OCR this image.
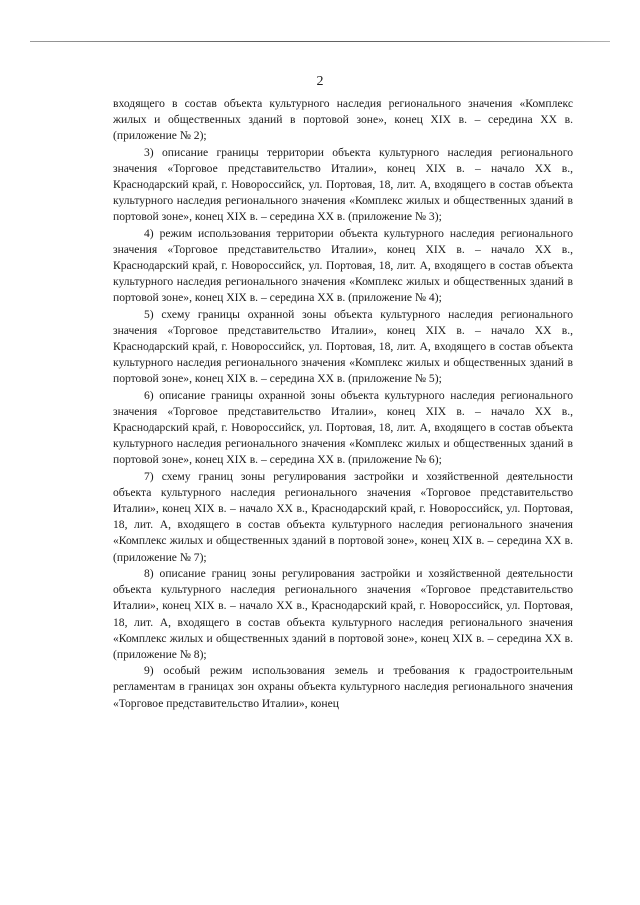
2

входящего в состав объекта культурного наследия регионального значения «Комплекс жилых и общественных зданий в портовой зоне», конец XIX в. – середина XX в. (приложение № 2);

3) описание границы территории объекта культурного наследия регионального значения «Торговое представительство Италии», конец XIX в. – начало XX в., Краснодарский край, г. Новороссийск, ул. Портовая, 18, лит. А, входящего в состав объекта культурного наследия регионального значения «Комплекс жилых и общественных зданий в портовой зоне», конец XIX в. – середина XX в. (приложение № 3);

4) режим использования территории объекта культурного наследия регионального значения «Торговое представительство Италии», конец XIX в. – начало XX в., Краснодарский край, г. Новороссийск, ул. Портовая, 18, лит. А, входящего в состав объекта культурного наследия регионального значения «Комплекс жилых и общественных зданий в портовой зоне», конец XIX в. – середина XX в. (приложение № 4);

5) схему границы охранной зоны объекта культурного наследия регионального значения «Торговое представительство Италии», конец XIX в. – начало XX в., Краснодарский край, г. Новороссийск, ул. Портовая, 18, лит. А, входящего в состав объекта культурного наследия регионального значения «Комплекс жилых и общественных зданий в портовой зоне», конец XIX в. – середина XX в. (приложение № 5);

6) описание границы охранной зоны объекта культурного наследия регионального значения «Торговое представительство Италии», конец XIX в. – начало XX в., Краснодарский край, г. Новороссийск, ул. Портовая, 18, лит. А, входящего в состав объекта культурного наследия регионального значения «Комплекс жилых и общественных зданий в портовой зоне», конец XIX в. – середина XX в. (приложение № 6);

7) схему границ зоны регулирования застройки и хозяйственной деятельности объекта культурного наследия регионального значения «Торговое представительство Италии», конец XIX в. – начало XX в., Краснодарский край, г. Новороссийск, ул. Портовая, 18, лит. А, входящего в состав объекта культурного наследия регионального значения «Комплекс жилых и общественных зданий в портовой зоне», конец XIX в. – середина XX в. (приложение № 7);

8) описание границ зоны регулирования застройки и хозяйственной деятельности объекта культурного наследия регионального значения «Торговое представительство Италии», конец XIX в. – начало XX в., Краснодарский край, г. Новороссийск, ул. Портовая, 18, лит. А, входящего в состав объекта культурного наследия регионального значения «Комплекс жилых и общественных зданий в портовой зоне», конец XIX в. – середина XX в. (приложение № 8);

9) особый режим использования земель и требования к градостроительным регламентам в границах зон охраны объекта культурного наследия регионального значения «Торговое представительство Италии», конец
